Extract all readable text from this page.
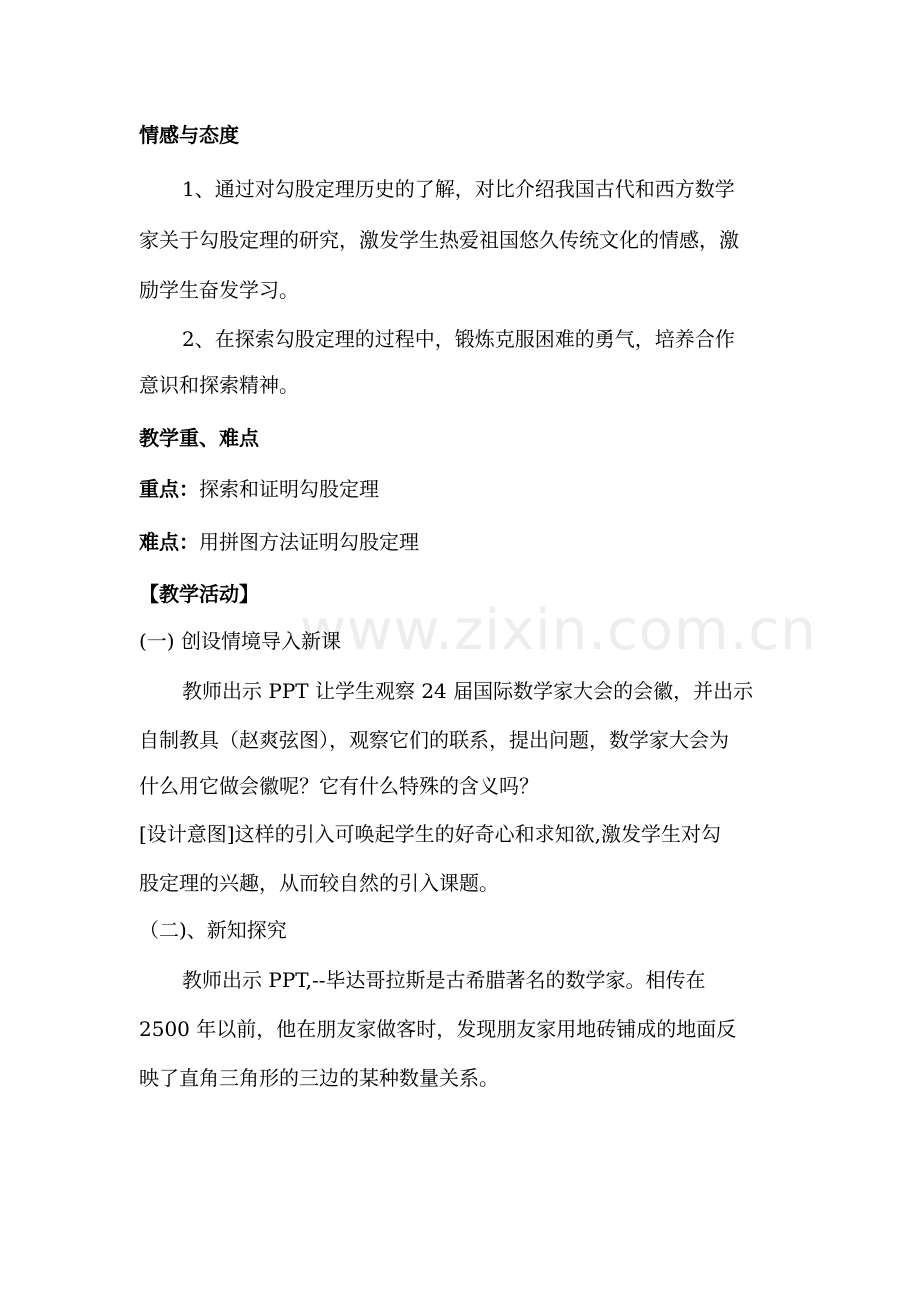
www.zixin.com.cn
情感与态度
1、通过对勾股定理历史的了解，对比介绍我国古代和西方数学
家关于勾股定理的研究，激发学生热爱祖国悠久传统文化的情感，激
励学生奋发学习。
2、在探索勾股定理的过程中，锻炼克服困难的勇气，培养合作
意识和探索精神。
教学重、难点
重点：探索和证明勾股定理
难点：用拼图方法证明勾股定理
【教学活动】
(一) 创设情境导入新课
教师出示 PPT 让学生观察 24 届国际数学家大会的会徽，并出示
自制教具（赵爽弦图），观察它们的联系，提出问题，数学家大会为
什么用它做会徽呢？它有什么特殊的含义吗？
[设计意图]这样的引入可唤起学生的好奇心和求知欲,激发学生对勾
股定理的兴趣，从而较自然的引入课题。
（二)、新知探究
教师出示 PPT,--毕达哥拉斯是古希腊著名的数学家。相传在
2500 年以前，他在朋友家做客时，发现朋友家用地砖铺成的地面反
映了直角三角形的三边的某种数量关系。
